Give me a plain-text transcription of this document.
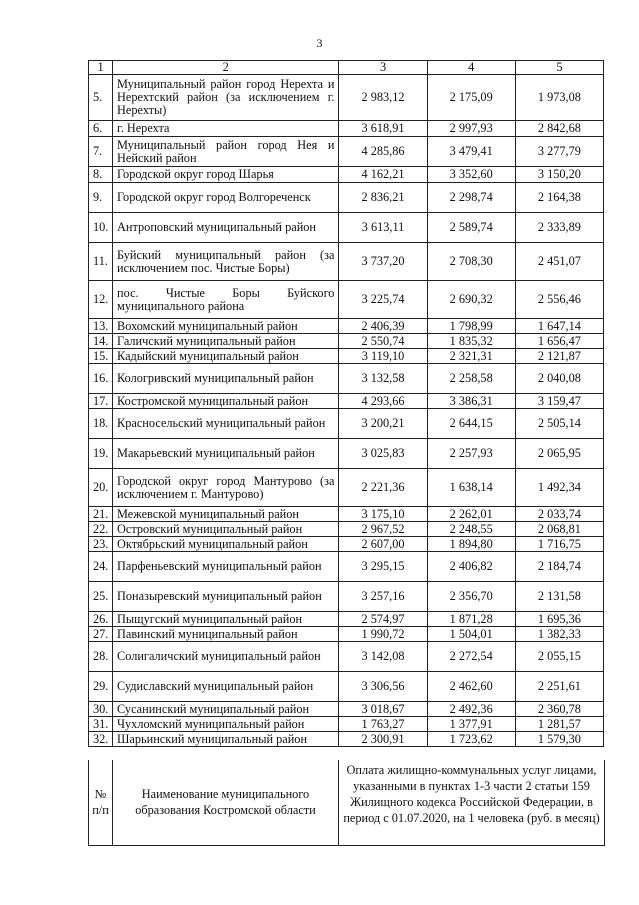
3
1	2	3	4	5
5.	Муниципальный район город Нерехта и Нерехтский район (за исключением г. Нерехты)	2 983,12	2 175,09	1 973,08
6.	г. Нерехта	3 618,91	2 997,93	2 842,68
7.	Муниципальный район город Нея и Нейский район	4 285,86	3 479,41	3 277,79
8.	Городской округ город Шарья	4 162,21	3 352,60	3 150,20
9.	Городской округ город Волгореченск	2 836,21	2 298,74	2 164,38
10.	Антроповский муниципальный район	3 613,11	2 589,74	2 333,89
11.	Буйский муниципальный район (за исключением пос. Чистые Боры)	3 737,20	2 708,30	2 451,07
12.	пос. Чистые Боры Буйского муниципального района	3 225,74	2 690,32	2 556,46
13.	Вохомский муниципальный район	2 406,39	1 798,99	1 647,14
14.	Галичский муниципальный район	2 550,74	1 835,32	1 656,47
15.	Кадыйский муниципальный район	3 119,10	2 321,31	2 121,87
16.	Кологривский муниципальный район	3 132,58	2 258,58	2 040,08
17.	Костромской муниципальный район	4 293,66	3 386,31	3 159,47
18.	Красносельский муниципальный район	3 200,21	2 644,15	2 505,14
19.	Макарьевский муниципальный район	3 025,83	2 257,93	2 065,95
20.	Городской округ город Мантурово (за исключением г. Мантурово)	2 221,36	1 638,14	1 492,34
21.	Межевской муниципальный район	3 175,10	2 262,01	2 033,74
22.	Островский муниципальный район	2 967,52	2 248,55	2 068,81
23.	Октябрьский муниципальный район	2 607,00	1 894,80	1 716,75
24.	Парфеньевский муниципальный район	3 295,15	2 406,82	2 184,74
25.	Поназыревский муниципальный район	3 257,16	2 356,70	2 131,58
26.	Пыщугский муниципальный район	2 574,97	1 871,28	1 695,36
27.	Павинский муниципальный район	1 990,72	1 504,01	1 382,33
28.	Солигаличский муниципальный район	3 142,08	2 272,54	2 055,15
29.	Судиславский муниципальный район	3 306,56	2 462,60	2 251,61
30.	Сусанинский муниципальный район	3 018,67	2 492,36	2 360,78
31.	Чухломский муниципальный район	1 763,27	1 377,91	1 281,57
32.	Шарьинский муниципальный район	2 300,91	1 723,62	1 579,30
№ п/п	Наименование муниципального образования Костромской области	Оплата жилищно-коммунальных услуг лицами, указанными в пунктах 1-3 части 2 статьи 159 Жилищного кодекса Российской Федерации, в период с 01.07.2020, на 1 человека (руб. в месяц)
